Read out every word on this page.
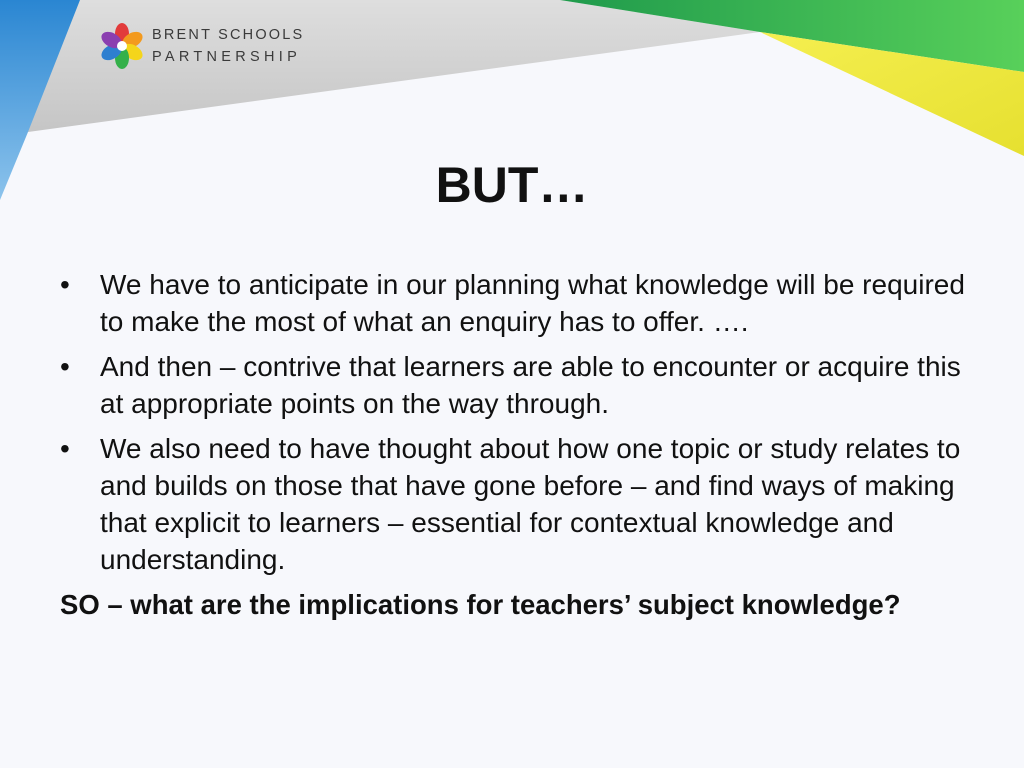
BRENT SCHOOLS
PARTNERSHIP
BUT…
• We have to anticipate in our planning what knowledge will be required to make the most of what an enquiry has to offer. ….
• And then – contrive that learners are able to encounter or acquire this at appropriate points on the way through.
• We also need to have thought about how one topic or study relates to and builds on those that have gone before – and find ways of making that explicit to learners – essential for contextual knowledge and understanding.
SO – what are the implications for teachers’ subject knowledge?
